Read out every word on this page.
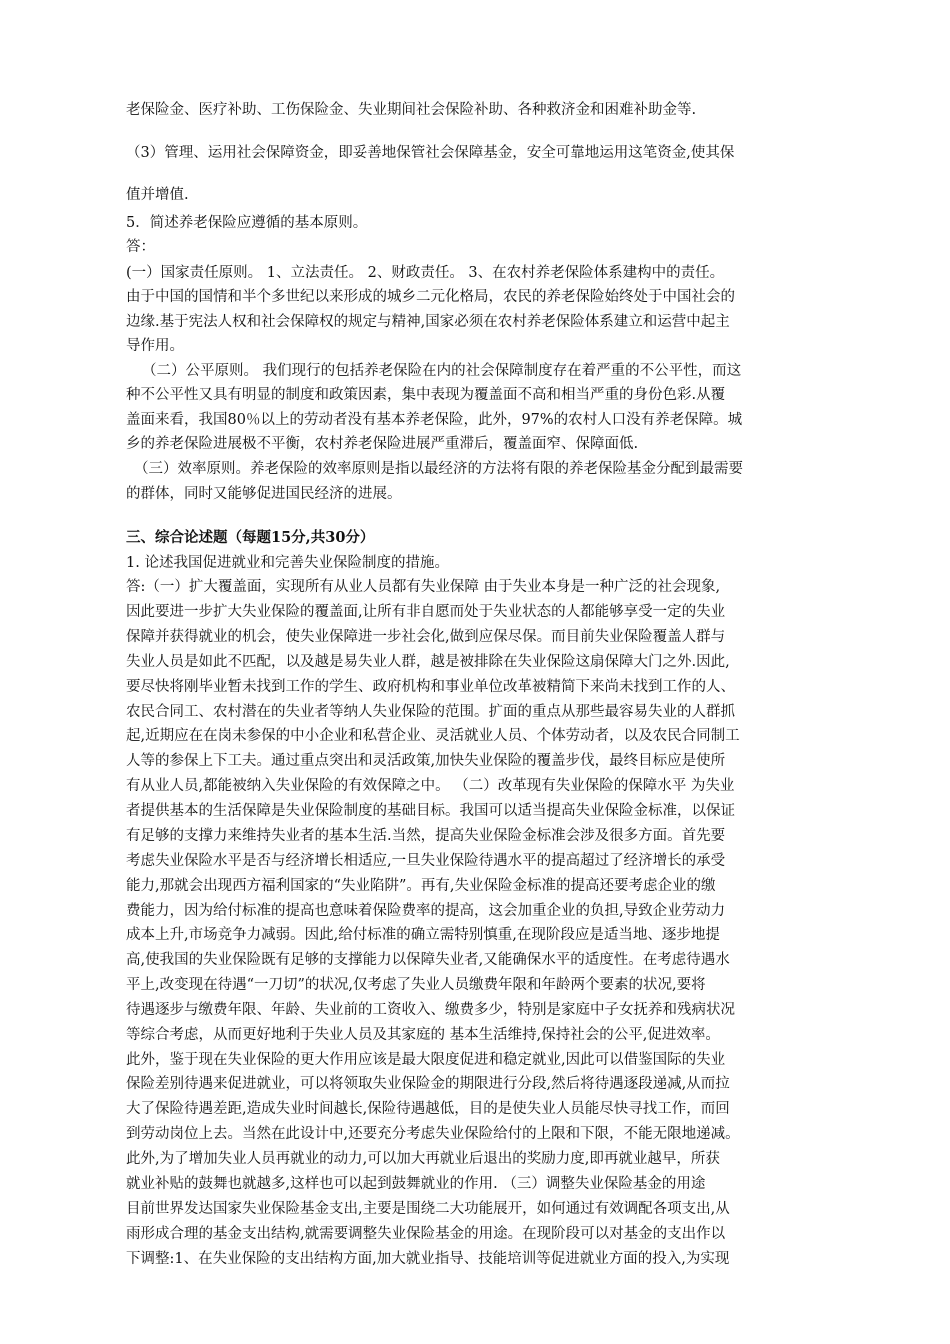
老保险金、医疗补助、工伤保险金、失业期间社会保险补助、各种救济金和困难补助金等.
（3）管理、运用社会保障资金，即妥善地保管社会保障基金，安全可靠地运用这笔资金,使其保
值并增值.
5．简述养老保险应遵循的基本原则。
答：
(一）国家责任原则。 1、立法责任。 2、财政责任。 3、在农村养老保险体系建构中的责任。
由于中国的国情和半个多世纪以来形成的城乡二元化格局，农民的养老保险始终处于中国社会的
边缘.基于宪法人权和社会保障权的规定与精神,国家必须在农村养老保险体系建立和运营中起主
导作用。
（二）公平原则。 我们现行的包括养老保险在内的社会保障制度存在着严重的不公平性，而这
种不公平性又具有明显的制度和政策因素，集中表现为覆盖面不高和相当严重的身份色彩.从覆
盖面来看，我国80％以上的劳动者没有基本养老保险，此外，97%的农村人口没有养老保障。城
乡的养老保险进展极不平衡，农村养老保险进展严重滞后，覆盖面窄、保障面低.
（三）效率原则。养老保险的效率原则是指以最经济的方法将有限的养老保险基金分配到最需要
的群体，同时又能够促进国民经济的进展。
三、综合论述题（每题15分,共30分）
1. 论述我国促进就业和完善失业保险制度的措施。
答:（一）扩大覆盖面，实现所有从业人员都有失业保障 由于失业本身是一种广泛的社会现象,
因此要进一步扩大失业保险的覆盖面,让所有非自愿而处于失业状态的人都能够享受一定的失业
保障并获得就业的机会，使失业保障进一步社会化,做到应保尽保。而目前失业保险覆盖人群与
失业人员是如此不匹配，以及越是易失业人群，越是被排除在失业保险这扇保障大门之外.因此,
要尽快将刚毕业暂未找到工作的学生、政府机构和事业单位改革被精简下来尚未找到工作的人、
农民合同工、农村潜在的失业者等纳人失业保险的范围。扩面的重点从那些最容易失业的人群抓
起,近期应在在岗未参保的中小企业和私营企业、灵活就业人员、个体劳动者，以及农民合同制工
人等的参保上下工夫。通过重点突出和灵活政策,加快失业保险的覆盖步伐，最终目标应是使所
有从业人员,都能被纳入失业保险的有效保障之中。 （二）改革现有失业保险的保障水平 为失业
者提供基本的生活保障是失业保险制度的基础目标。我国可以适当提高失业保险金标准，以保证
有足够的支撑力来维持失业者的基本生活.当然，提高失业保险金标准会涉及很多方面。首先要
考虑失业保险水平是否与经济增长相适应,一旦失业保险待遇水平的提高超过了经济增长的承受
能力,那就会出现西方福利国家的“失业陷阱”。再有,失业保险金标准的提高还要考虑企业的缴
费能力，因为给付标准的提高也意味着保险费率的提高，这会加重企业的负担,导致企业劳动力
成本上升,市场竞争力减弱。因此,给付标准的确立需特别慎重,在现阶段应是适当地、逐步地提
高,使我国的失业保险既有足够的支撑能力以保障失业者,又能确保水平的适度性。在考虑待遇水
平上,改变现在待遇“一刀切”的状况,仅考虑了失业人员缴费年限和年龄两个要素的状况,要将
待遇逐步与缴费年限、年龄、失业前的工资收入、缴费多少，特别是家庭中子女抚养和残病状况
等综合考虑，从而更好地利于失业人员及其家庭的 基本生活维持,保持社会的公平,促进效率。
此外，鉴于现在失业保险的更大作用应该是最大限度促进和稳定就业,因此可以借鉴国际的失业
保险差别待遇来促进就业，可以将领取失业保险金的期限进行分段,然后将待遇逐段递减,从而拉
大了保险待遇差距,造成失业时间越长,保险待遇越低，目的是使失业人员能尽快寻找工作，而回
到劳动岗位上去。当然在此设计中,还要充分考虑失业保险给付的上限和下限，不能无限地递减。
此外,为了增加失业人员再就业的动力,可以加大再就业后退出的奖励力度,即再就业越早，所获
就业补贴的鼓舞也就越多,这样也可以起到鼓舞就业的作用. （三）调整失业保险基金的用途
目前世界发达国家失业保险基金支出,主要是围绕二大功能展开，如何通过有效调配各项支出,从
雨形成合理的基金支出结构,就需要调整失业保险基金的用途。在现阶段可以对基金的支出作以
下调整:1、在失业保险的支出结构方面,加大就业指导、技能培训等促进就业方面的投入,为实现
